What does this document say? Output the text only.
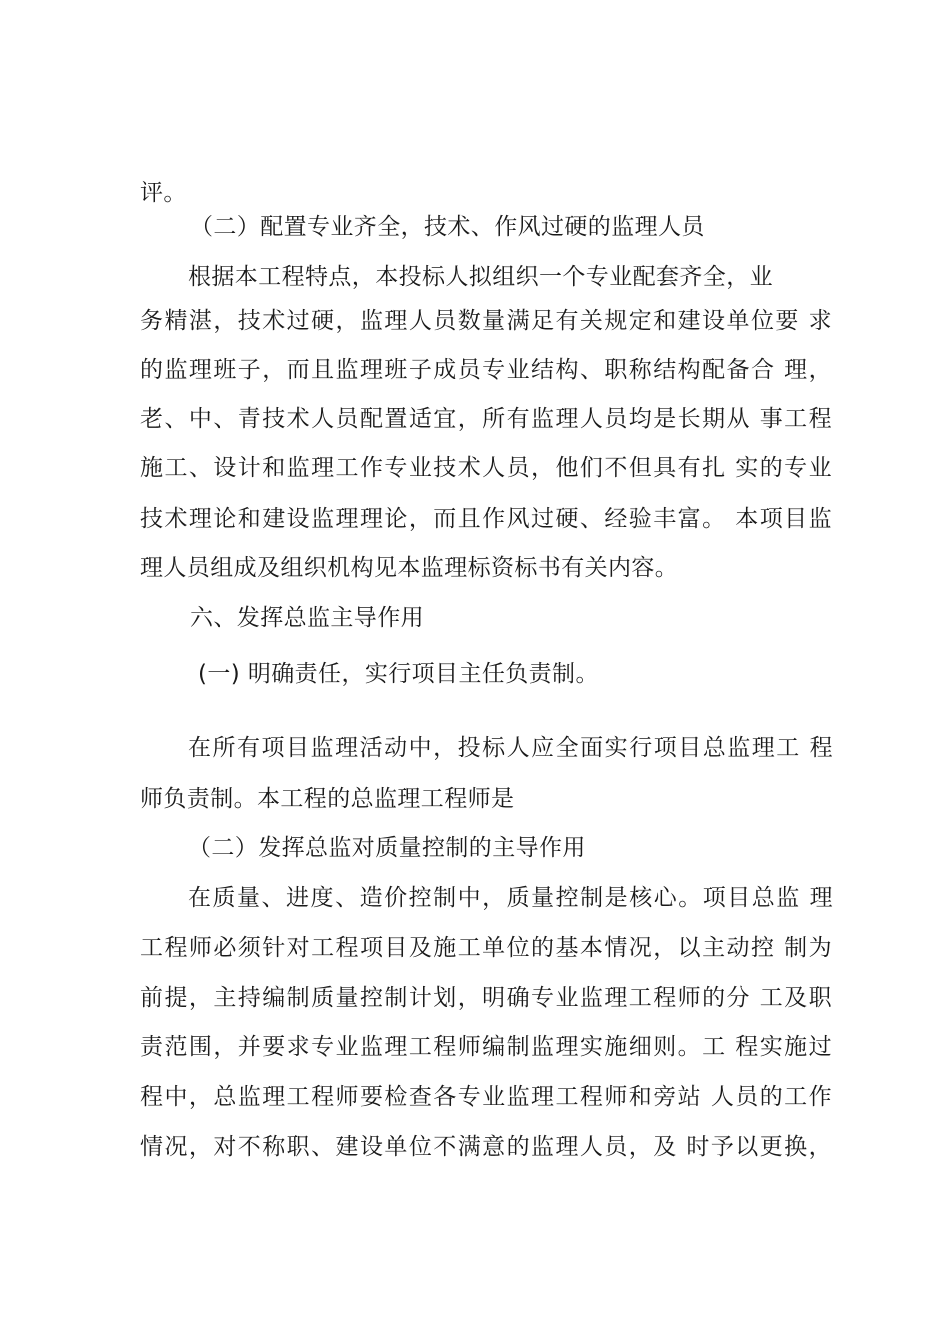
评。
（二）配置专业齐全，技术、作风过硬的监理人员
根据本工程特点，本投标人拟组织一个专业配套齐全，业
务精湛，技术过硬，监理人员数量满足有关规定和建设单位要 求
的监理班子，而且监理班子成员专业结构、职称结构配备合 理，
老、中、青技术人员配置适宜，所有监理人员均是长期从 事工程
施工、设计和监理工作专业技术人员，他们不但具有扎 实的专业
技术理论和建设监理理论，而且作风过硬、经验丰富。 本项目监
理人员组成及组织机构见本监理标资标书有关内容。
六、发挥总监主导作用
(一) 明确责任，实行项目主任负责制。
在所有项目监理活动中，投标人应全面实行项目总监理工 程
师负责制。本工程的总监理工程师是
（二）发挥总监对质量控制的主导作用
在质量、进度、造价控制中，质量控制是核心。项目总监 理
工程师必须针对工程项目及施工单位的基本情况，以主动控 制为
前提，主持编制质量控制计划，明确专业监理工程师的分 工及职
责范围，并要求专业监理工程师编制监理实施细则。工 程实施过
程中，总监理工程师要检查各专业监理工程师和旁站 人员的工作
情况，对不称职、建设单位不满意的监理人员，及 时予以更换，
